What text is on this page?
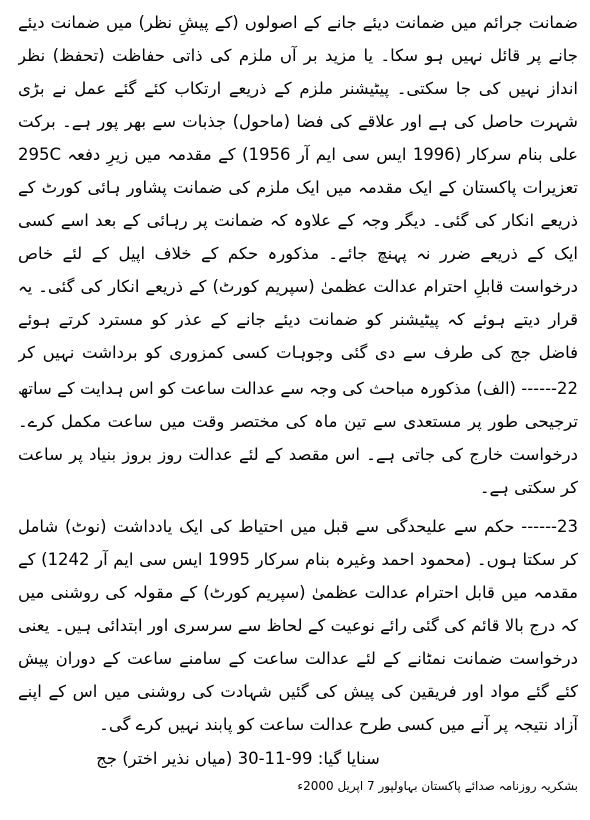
ضمانت جرائم میں ضمانت دیئے جانے کے اصولوں (کے پیشِ نظر) میں ضمانت دیئے جانے پر قائل نہیں ہو سکا۔ یا مزید بر آں ملزم کی ذاتی حفاظت (تحفظ) نظر انداز نہیں کی جا سکتی۔ پیٹیشنر ملزم کے ذریعے ارتکاب کئے گئے عمل نے بڑی شہرت حاصل کی ہے اور علاقے کی فضا (ماحول) جذبات سے بھر پور ہے۔ برکت علی بنام سرکار (1996 ایس سی ایم آر 1956) کے مقدمہ میں زیرِ دفعہ 295C تعزیرات پاکستان کے ایک مقدمہ میں ایک ملزم کی ضمانت پشاور ہائی کورٹ کے ذریعے انکار کی گئی۔ دیگر وجہ کے علاوہ کہ ضمانت پر رہائی کے بعد اسے کسی ایک کے ذریعے ضرر نہ پہنچ جائے۔ مذکورہ حکم کے خلاف اپیل کے لئے خاص درخواست قابلِ احترام عدالت عظمیٰ (سپریم کورٹ) کے ذریعے انکار کی گئی۔ یہ قرار دیتے ہوئے کہ پیٹیشنر کو ضمانت دیئے جانے کے عذر کو مسترد کرتے ہوئے فاضل جج کی طرف سے دی گئی وجوہات کسی کمزوری کو برداشت نہیں کر

22------ (الف) مذکورہ مباحث کی وجہ سے عدالت ساعت کو اس ہدایت کے ساتھ ترجیحی طور پر مستعدی سے تین ماہ کی مختصر وقت میں ساعت مکمل کرے۔ درخواست خارج کی جاتی ہے۔ اس مقصد کے لئے عدالت روز بروز بنیاد پر ساعت کر سکتی ہے۔

23------ حکم سے علیحدگی سے قبل میں احتیاط کی ایک یادداشت (نوٹ) شامل کر سکتا ہوں۔ (محمود احمد وغیرہ بنام سرکار 1995 ایس سی ایم آر 1242) کے مقدمہ میں قابل احترام عدالت عظمیٰ (سپریم کورٹ) کے مقولہ کی روشنی میں کہ درج بالا قائم کی گئی رائے نوعیت کے لحاظ سے سرسری اور ابتدائی ہیں۔ یعنی درخواست ضمانت نمٹانے کے لئے عدالت ساعت کے سامنے ساعت کے دوران پیش کئے گئے مواد اور فریقین کی پیش کی گئیں شہادت کی روشنی میں اس کے اپنے آزاد نتیجہ پر آنے میں کسی طرح عدالت ساعت کو پابند نہیں کرے گی۔

سنایا گیا: 99-11-30 (میاں نذیر اختر) جج

بشکریہ روزنامہ صدائے پاکستان بہاولپور 7 اپریل 2000ء
